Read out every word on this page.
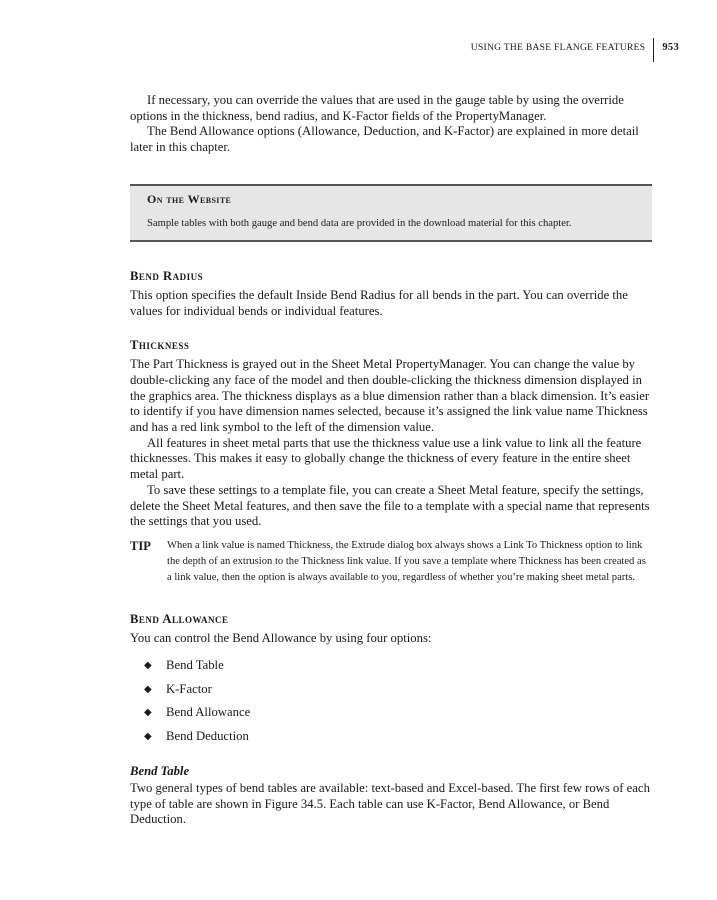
USING THE BASE FLANGE FEATURES	953

If necessary, you can override the values that are used in the gauge table by using the override options in the thickness, bend radius, and K-Factor fields of the PropertyManager.

The Bend Allowance options (Allowance, Deduction, and K-Factor) are explained in more detail later in this chapter.

On the Website
Sample tables with both gauge and bend data are provided in the download material for this chapter.
Bend Radius

This option specifies the default Inside Bend Radius for all bends in the part. You can override the values for individual bends or individual features.

Thickness

The Part Thickness is grayed out in the Sheet Metal PropertyManager. You can change the value by double-clicking any face of the model and then double-clicking the thickness dimension displayed in the graphics area. The thickness displays as a blue dimension rather than a black dimension. It’s easier to identify if you have dimension names selected, because it’s assigned the link value name Thickness and has a red link symbol to the left of the dimension value.

All features in sheet metal parts that use the thickness value use a link value to link all the feature thicknesses. This makes it easy to globally change the thickness of every feature in the entire sheet metal part.

To save these settings to a template file, you can create a Sheet Metal feature, specify the settings, delete the Sheet Metal features, and then save the file to a template with a special name that represents the settings that you used.

TIP	When a link value is named Thickness, the Extrude dialog box always shows a Link To Thickness option to link the depth of an extrusion to the Thickness link value. If you save a template where Thickness has been created as a link value, then the option is always available to you, regardless of whether you’re making sheet metal parts.
Bend Allowance

You can control the Bend Allowance by using four options:

◆ Bend Table
◆ K-Factor
◆ Bend Allowance
◆ Bend Deduction
Bend Table

Two general types of bend tables are available: text-based and Excel-based. The first few rows of each type of table are shown in Figure 34.5. Each table can use K-Factor, Bend Allowance, or Bend Deduction.
